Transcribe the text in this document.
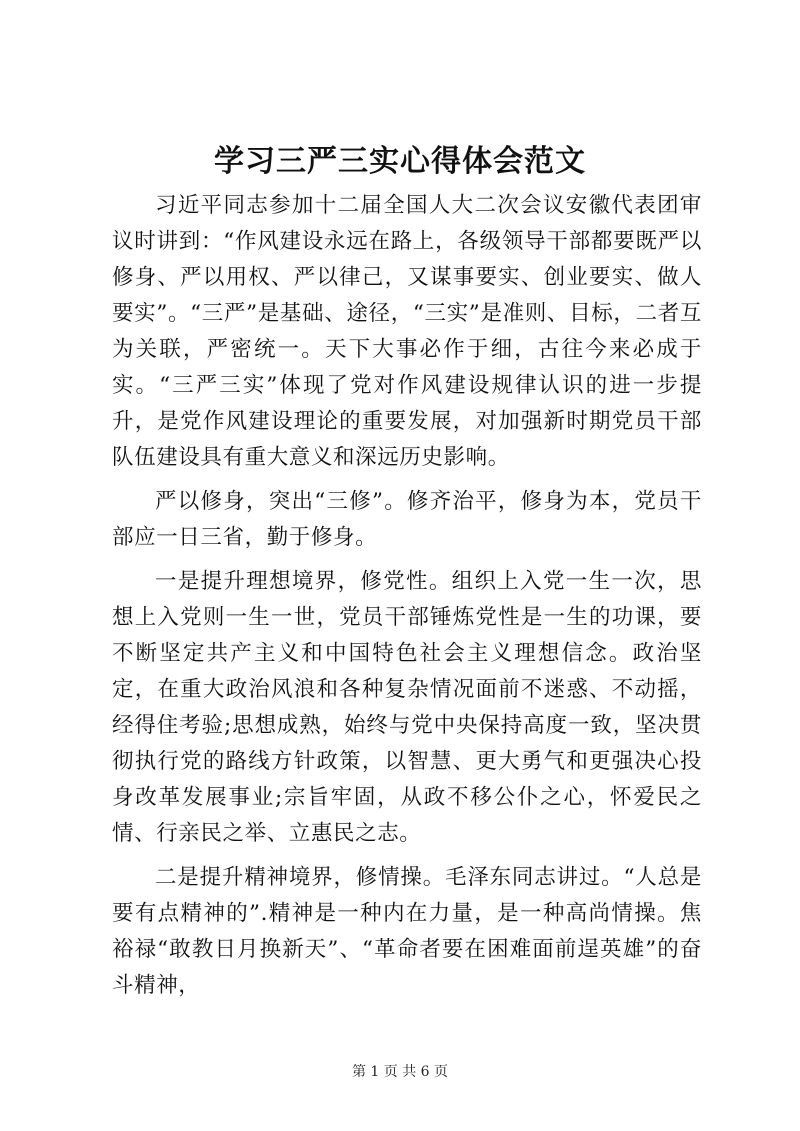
学习三严三实心得体会范文

习近平同志参加十二届全国人大二次会议安徽代表团审议时讲到：“作风建设永远在路上，各级领导干部都要既严以修身、严以用权、严以律己，又谋事要实、创业要实、做人要实”。“三严”是基础、途径，“三实”是准则、目标，二者互为关联，严密统一。天下大事必作于细，古往今来必成于实。“三严三实”体现了党对作风建设规律认识的进一步提升，是党作风建设理论的重要发展，对加强新时期党员干部队伍建设具有重大意义和深远历史影响。

严以修身，突出“三修”。修齐治平，修身为本，党员干部应一日三省，勤于修身。

一是提升理想境界，修党性。组织上入党一生一次，思想上入党则一生一世，党员干部锤炼党性是一生的功课，要不断坚定共产主义和中国特色社会主义理想信念。政治坚定，在重大政治风浪和各种复杂情况面前不迷惑、不动摇，经得住考验;思想成熟，始终与党中央保持高度一致，坚决贯彻执行党的路线方针政策，以智慧、更大勇气和更强决心投身改革发展事业;宗旨牢固，从政不移公仆之心，怀爱民之情、行亲民之举、立惠民之志。

二是提升精神境界，修情操。毛泽东同志讲过。“人总是要有点精神的”.精神是一种内在力量，是一种高尚情操。焦裕禄“敢教日月换新天”、“革命者要在困难面前逞英雄”的奋斗精神，

第 1 页 共 6 页
